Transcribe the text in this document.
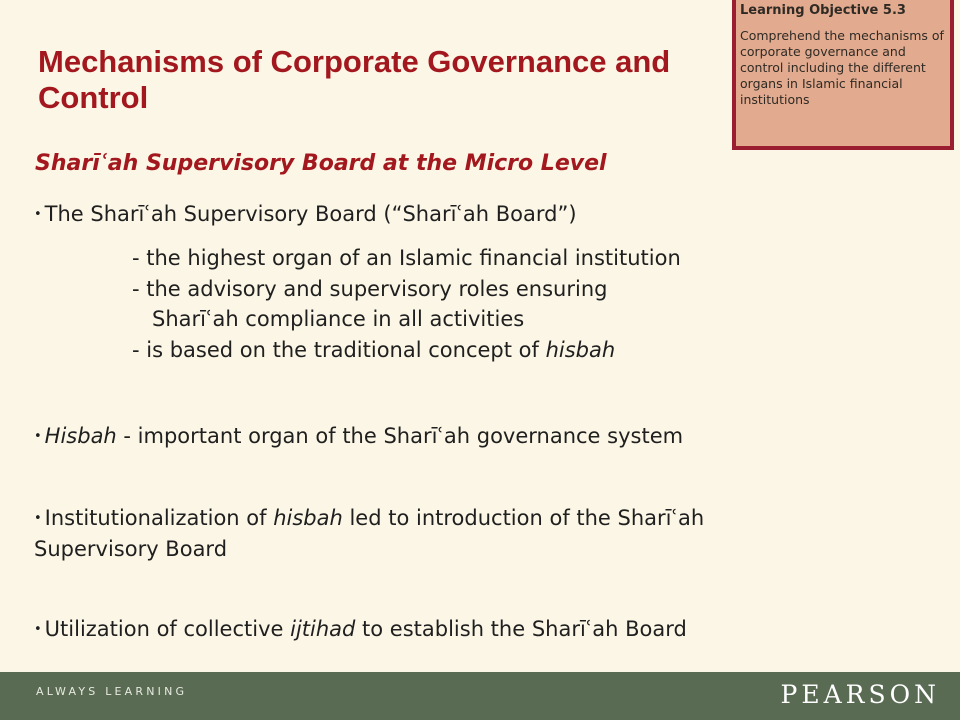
Mechanisms of Corporate Governance and Control
Learning Objective 5.3
Comprehend the mechanisms of corporate governance and control including the different organs in Islamic financial institutions
Sharīʿah Supervisory Board at the Micro Level
• The Sharīʿah Supervisory Board (“Sharīʿah Board”)
- the highest organ of an Islamic financial institution
- the advisory and supervisory roles ensuring
Sharīʿah compliance in all activities
- is based on the traditional concept of hisbah
• Hisbah - important organ of the Sharīʿah governance system
• Institutionalization of hisbah led to introduction of the Sharīʿah
Supervisory Board
• Utilization of collective ijtihad to establish the Sharīʿah Board
ALWAYS LEARNING	PEARSON
